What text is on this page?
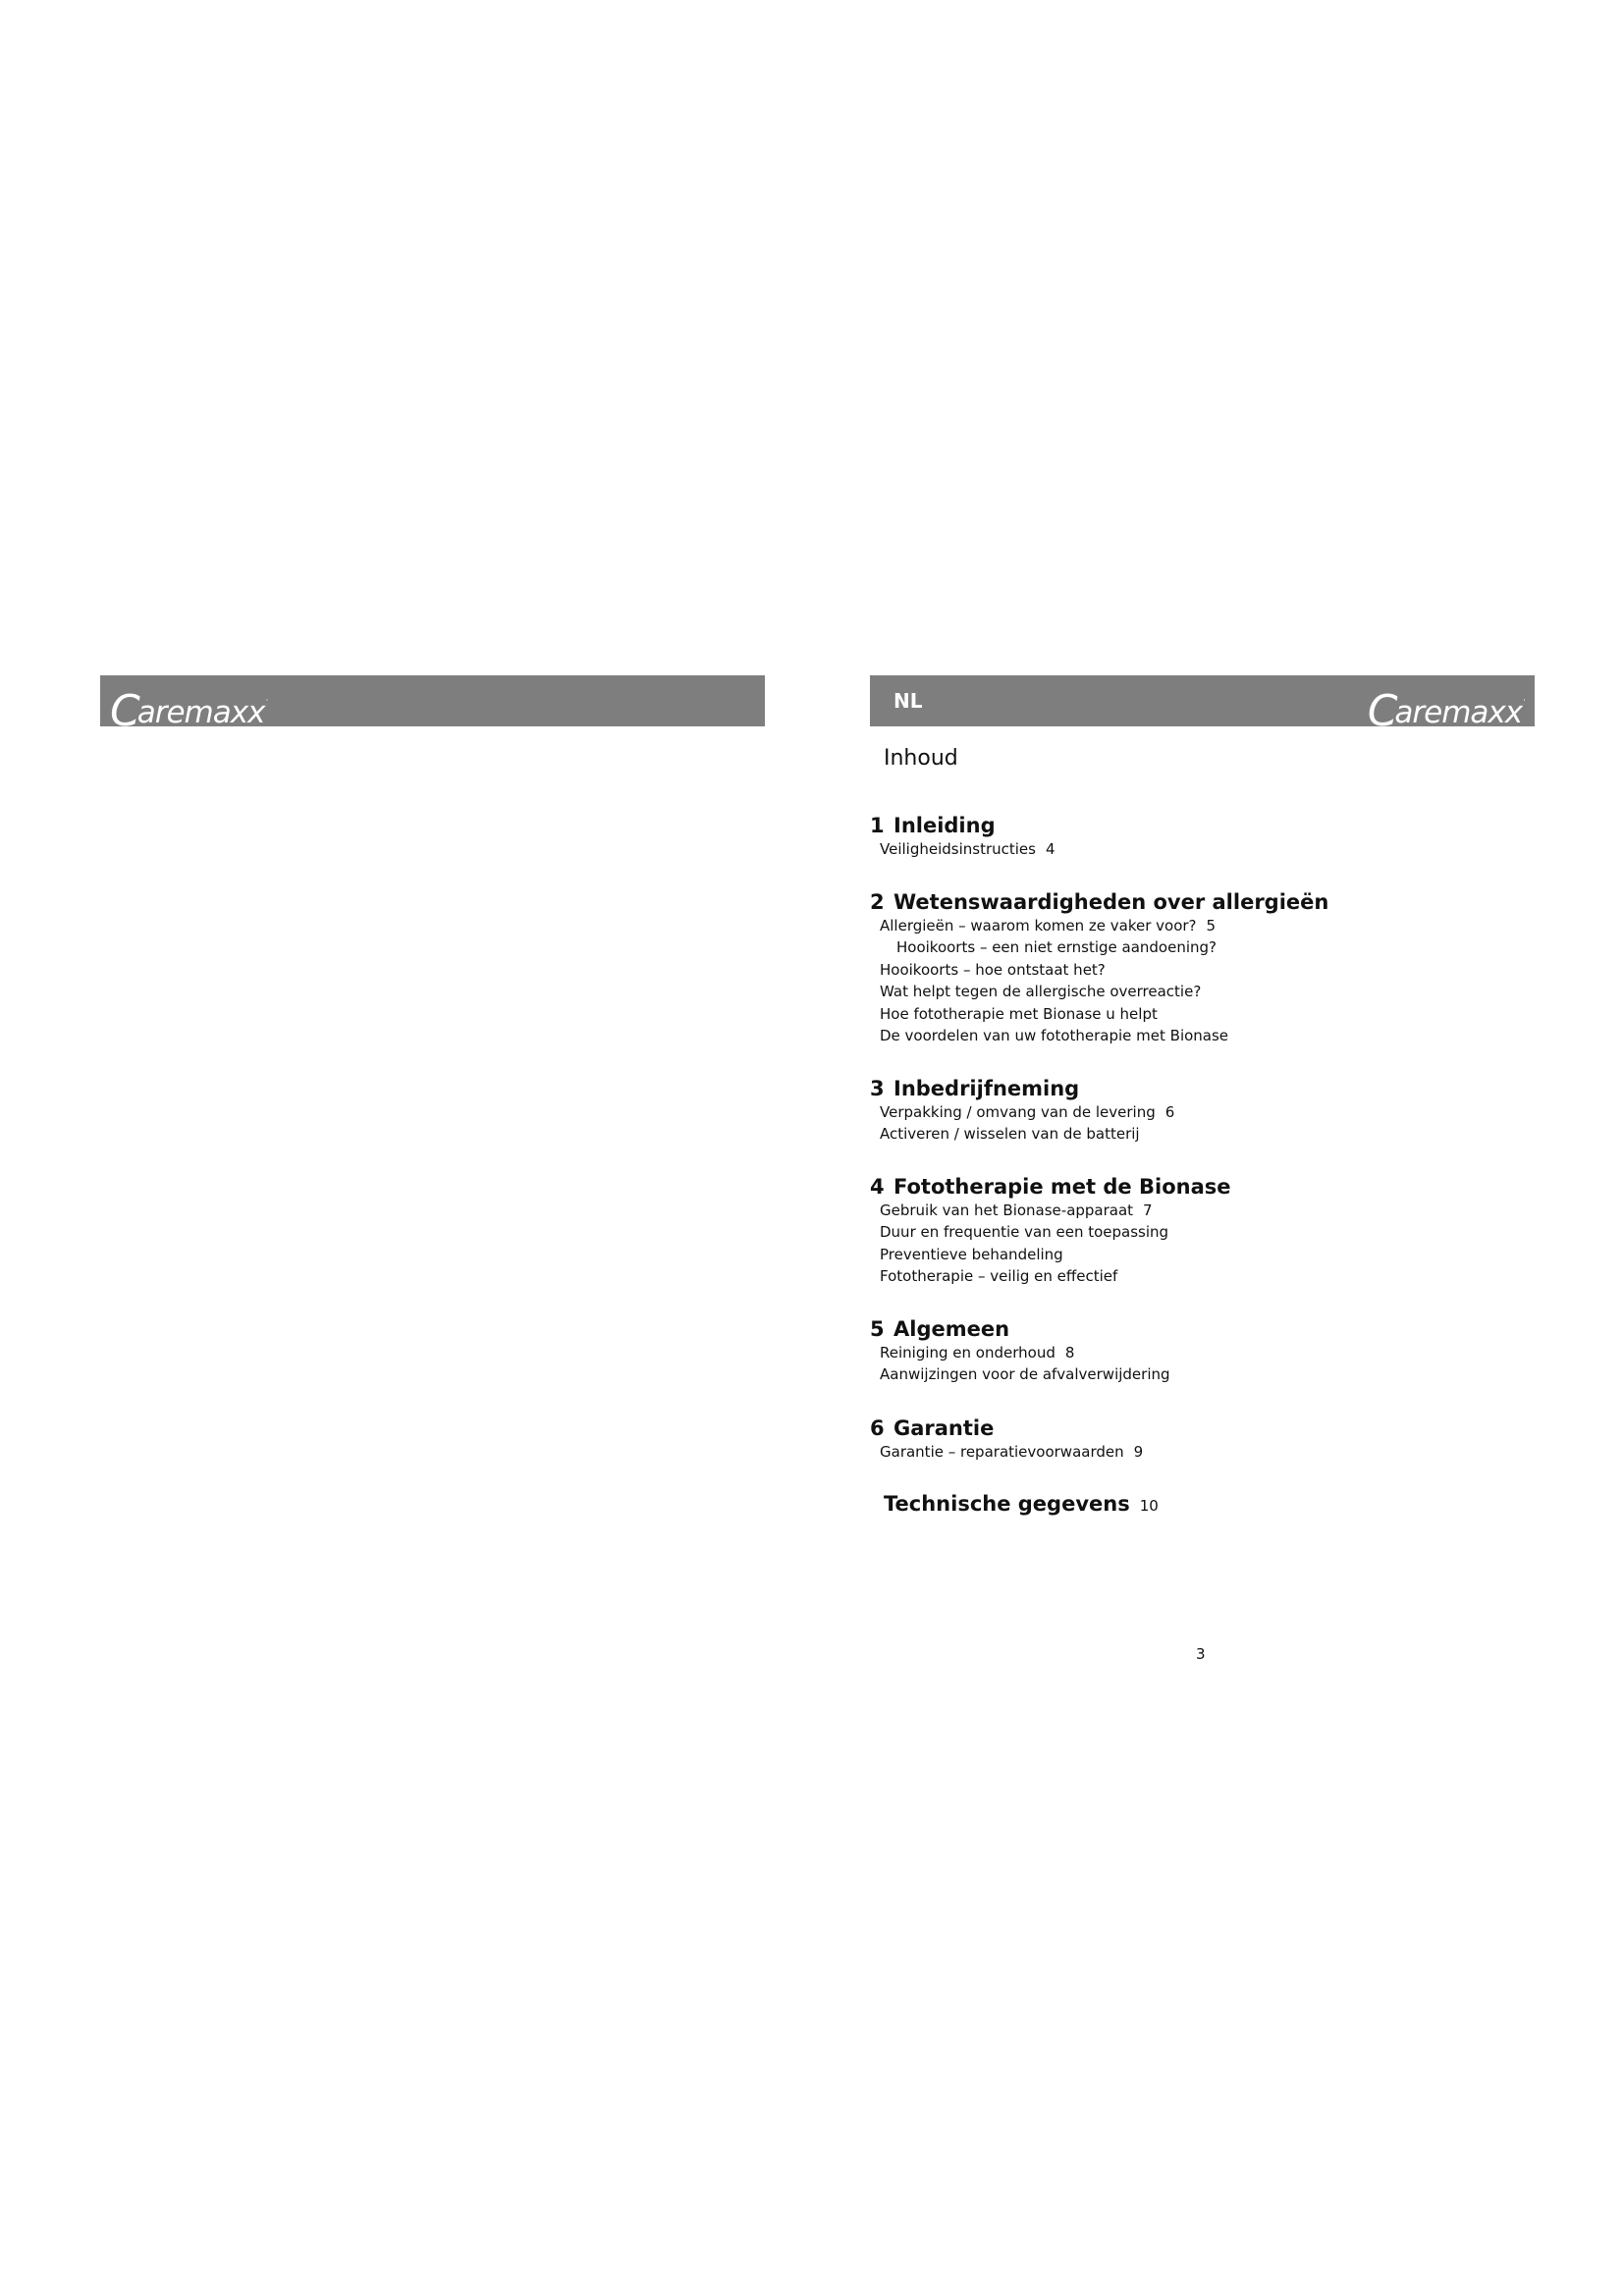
Caremaxx·	NL	Caremaxx·
Inhoud
1 Inleiding
Veiligheidsinstructies 4
2 Wetenswaardigheden over allergieën
Allergieën – waarom komen ze vaker voor? 5
Hooikoorts – een niet ernstige aandoening?
Hooikoorts – hoe ontstaat het?
Wat helpt tegen de allergische overreactie?
Hoe fototherapie met Bionase u helpt
De voordelen van uw fototherapie met Bionase
3 Inbedrijfneming
Verpakking / omvang van de levering 6
Activeren / wisselen van de batterij
4 Fototherapie met de Bionase
Gebruik van het Bionase-apparaat 7
Duur en frequentie van een toepassing
Preventieve behandeling
Fototherapie – veilig en effectief
5 Algemeen
Reiniging en onderhoud 8
Aanwijzingen voor de afvalverwijdering
6 Garantie
Garantie – reparatievoorwaarden 9
Technische gegevens 10
3
